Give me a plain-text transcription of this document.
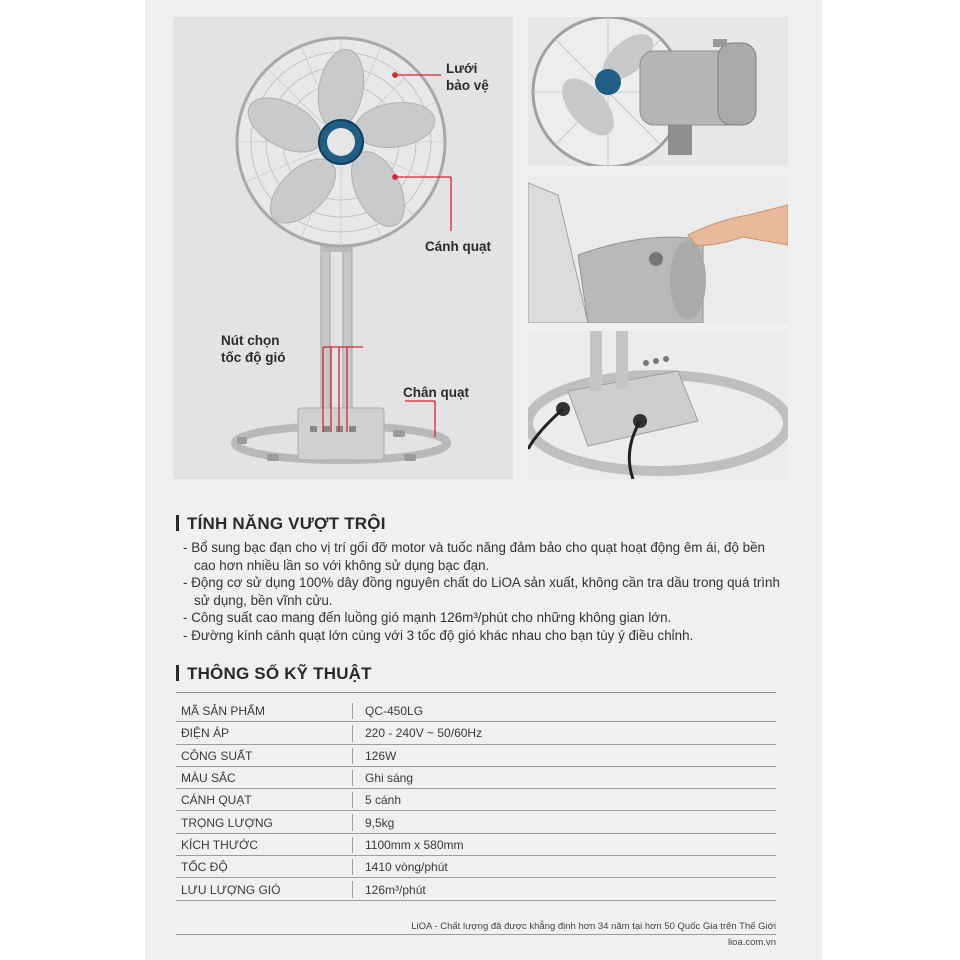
Lưới
bảo vệ
Cánh quạt
Nút chọn
tốc độ gió
Chân quạt
TÍNH NĂNG VƯỢT TRỘI
- Bổ sung bạc đạn cho vị trí gối đỡ motor và tuốc năng đảm bảo cho quạt hoạt động êm ái, độ bền cao hơn nhiều lần so với không sử dụng bạc đạn.
- Động cơ sử dụng 100% dây đồng nguyên chất do LiOA sản xuất, không cần tra dầu trong quá trình sử dụng, bền vĩnh cửu.
- Công suất cao mang đến luồng gió mạnh 126m³/phút cho những không gian lớn.
- Đường kính cánh quạt lớn cùng với 3 tốc độ gió khác nhau cho bạn tùy ý điều chỉnh.
THÔNG SỐ KỸ THUẬT
MÃ SẢN PHẨM	QC-450LG
ĐIỆN ÁP	220 - 240V ~ 50/60Hz
CÔNG SUẤT	126W
MÀU SẮC	Ghi sáng
CÁNH QUẠT	5 cánh
TRỌNG LƯỢNG	9,5kg
KÍCH THƯỚC	1100mm x 580mm
TỐC ĐỘ	1410 vòng/phút
LƯU LƯỢNG GIÓ	126m³/phút
LiOA - Chất lượng đã được khẳng định hơn 34 năm tại hơn 50 Quốc Gia trên Thế Giới
lioa.com.vn
